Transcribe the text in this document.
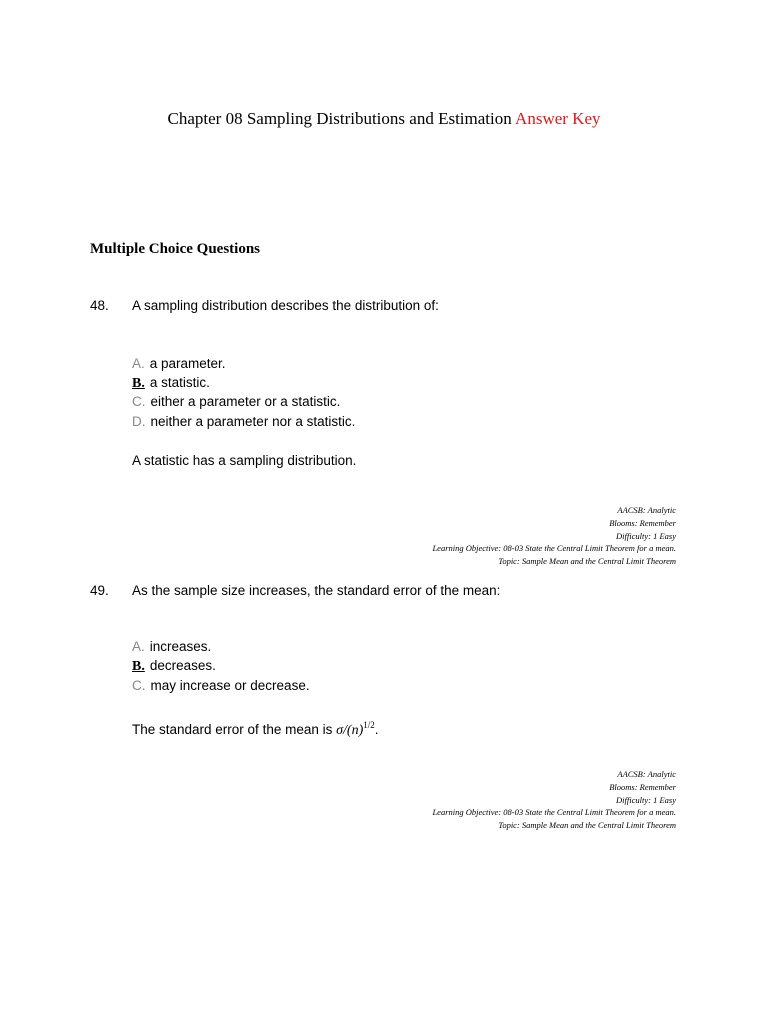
Chapter 08 Sampling Distributions and Estimation Answer Key
Multiple Choice Questions
48. A sampling distribution describes the distribution of:
A. a parameter.
B. a statistic.
C. either a parameter or a statistic.
D. neither a parameter nor a statistic.
A statistic has a sampling distribution.
AACSB: Analytic
Blooms: Remember
Difficulty: 1 Easy
Learning Objective: 08-03 State the Central Limit Theorem for a mean.
Topic: Sample Mean and the Central Limit Theorem
49. As the sample size increases, the standard error of the mean:
A. increases.
B. decreases.
C. may increase or decrease.
The standard error of the mean is $\sigma/(n)^{1/2}$.
AACSB: Analytic
Blooms: Remember
Difficulty: 1 Easy
Learning Objective: 08-03 State the Central Limit Theorem for a mean.
Topic: Sample Mean and the Central Limit Theorem
